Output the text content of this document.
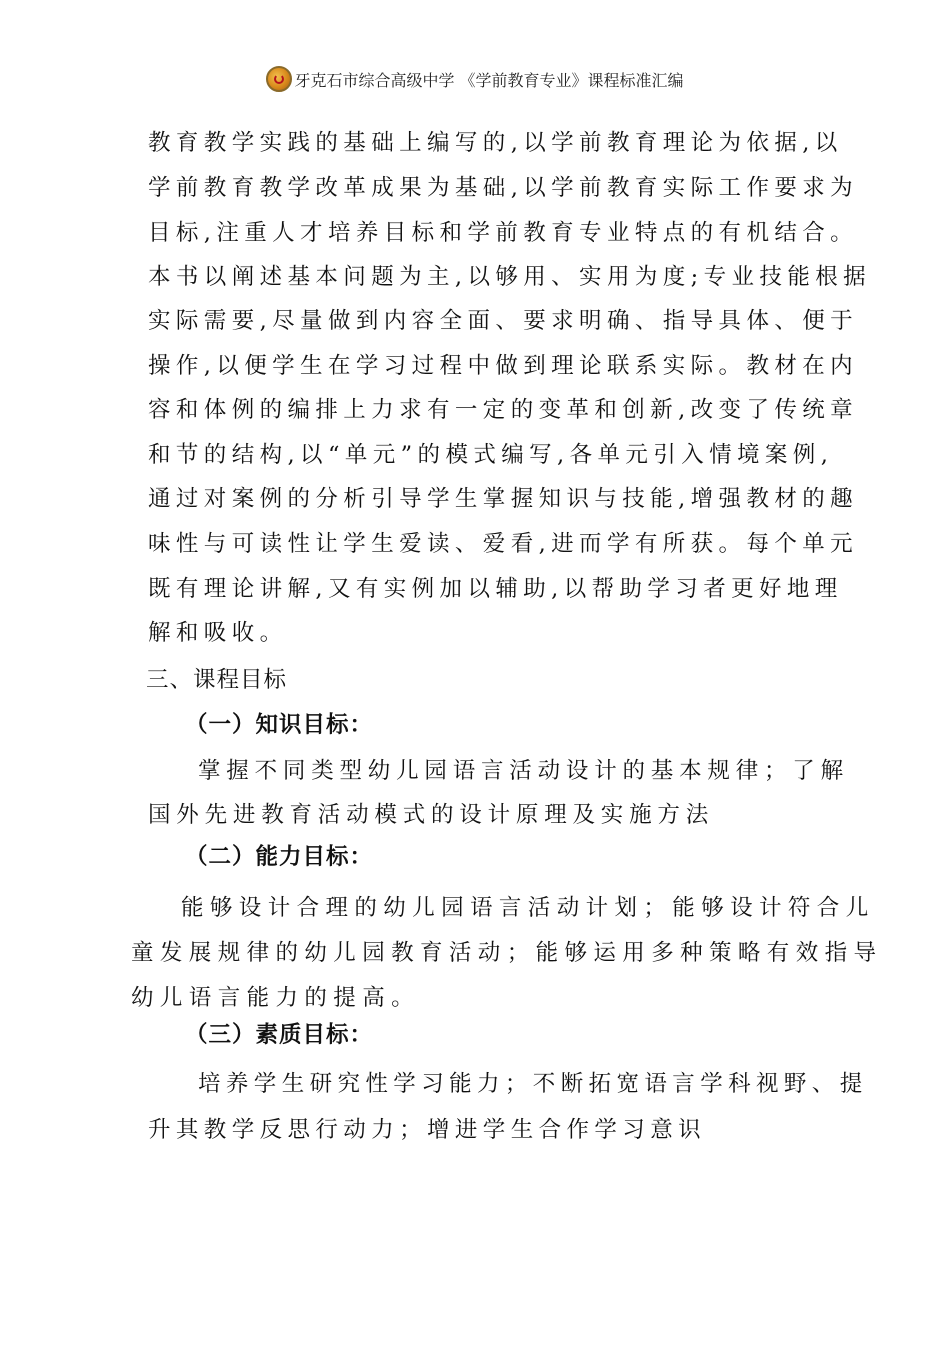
牙克石市综合高级中学 《学前教育专业》课程标准汇编
教育教学实践的基础上编写的,以学前教育理论为依据,以
学前教育教学改革成果为基础,以学前教育实际工作要求为
目标,注重人才培养目标和学前教育专业特点的有机结合。
本书以阐述基本问题为主,以够用、实用为度;专业技能根据
实际需要,尽量做到内容全面、要求明确、指导具体、便于
操作,以便学生在学习过程中做到理论联系实际。教材在内
容和体例的编排上力求有一定的变革和创新,改变了传统章
和节的结构,以“单元”的模式编写,各单元引入情境案例,
通过对案例的分析引导学生掌握知识与技能,增强教材的趣
味性与可读性让学生爱读、爱看,进而学有所获。每个单元
既有理论讲解,又有实例加以辅助,以帮助学习者更好地理
解和吸收。
三、课程目标
（一）知识目标：
掌握不同类型幼儿园语言活动设计的基本规律；了解
国外先进教育活动模式的设计原理及实施方法
（二）能力目标：
能够设计合理的幼儿园语言活动计划；能够设计符合儿
童发展规律的幼儿园教育活动；能够运用多种策略有效指导
幼儿语言能力的提高。
（三）素质目标：
培养学生研究性学习能力；不断拓宽语言学科视野、提
升其教学反思行动力；增进学生合作学习意识
